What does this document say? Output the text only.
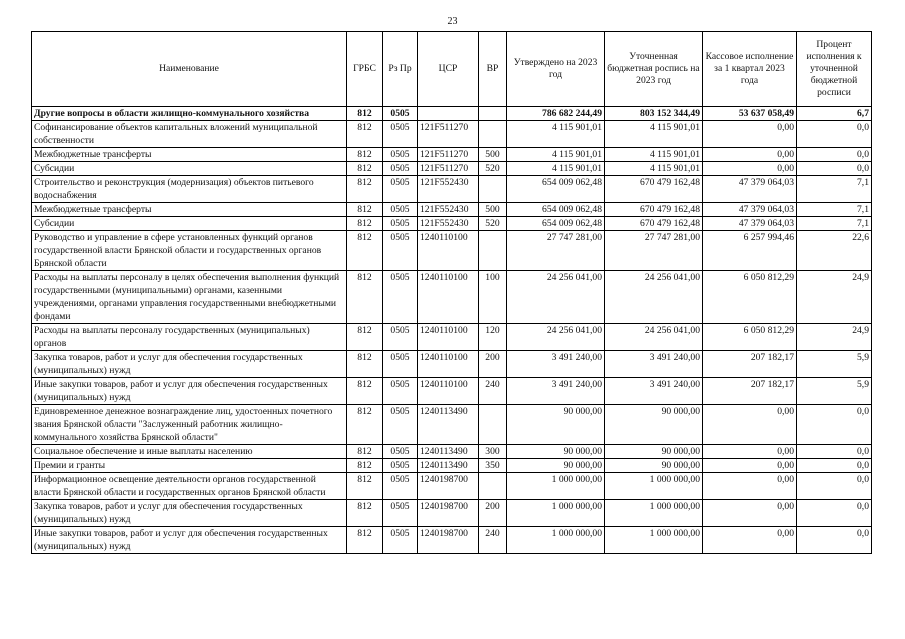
23
Наименование	ГРБС	Рз Пр	ЦСР	ВР	Утверждено на 2023 год	Уточненная бюджетная роспись на 2023 год	Кассовое исполнение за 1 квартал 2023 года	Процент исполнения к уточненной бюджетной росписи
Другие вопросы в области жилищно-коммунального хозяйства	812	0505			786 682 244,49	803 152 344,49	53 637 058,49	6,7
Софинансирование объектов капитальных вложений муниципальной собственности	812	0505	121F511270		4 115 901,01	4 115 901,01	0,00	0,0
Межбюджетные трансферты	812	0505	121F511270	500	4 115 901,01	4 115 901,01	0,00	0,0
Субсидии	812	0505	121F511270	520	4 115 901,01	4 115 901,01	0,00	0,0
Строительство и реконструкция (модернизация) объектов питьевого водоснабжения	812	0505	121F552430		654 009 062,48	670 479 162,48	47 379 064,03	7,1
Межбюджетные трансферты	812	0505	121F552430	500	654 009 062,48	670 479 162,48	47 379 064,03	7,1
Субсидии	812	0505	121F552430	520	654 009 062,48	670 479 162,48	47 379 064,03	7,1
Руководство и управление в сфере установленных функций органов государственной власти Брянской области и государственных органов Брянской области	812	0505	1240110100		27 747 281,00	27 747 281,00	6 257 994,46	22,6
Расходы на выплаты персоналу в целях обеспечения выполнения функций государственными (муниципальными) органами, казенными учреждениями, органами управления государственными внебюджетными фондами	812	0505	1240110100	100	24 256 041,00	24 256 041,00	6 050 812,29	24,9
Расходы на выплаты персоналу государственных (муниципальных) органов	812	0505	1240110100	120	24 256 041,00	24 256 041,00	6 050 812,29	24,9
Закупка товаров, работ и услуг для обеспечения государственных (муниципальных) нужд	812	0505	1240110100	200	3 491 240,00	3 491 240,00	207 182,17	5,9
Иные закупки товаров, работ и услуг для обеспечения государственных (муниципальных) нужд	812	0505	1240110100	240	3 491 240,00	3 491 240,00	207 182,17	5,9
Единовременное денежное вознаграждение лиц, удостоенных почетного звания Брянской области "Заслуженный работник жилищно-коммунального хозяйства Брянской области"	812	0505	1240113490		90 000,00	90 000,00	0,00	0,0
Социальное обеспечение и иные выплаты населению	812	0505	1240113490	300	90 000,00	90 000,00	0,00	0,0
Премии и гранты	812	0505	1240113490	350	90 000,00	90 000,00	0,00	0,0
Информационное освещение деятельности органов государственной власти Брянской области и государственных органов Брянской области	812	0505	1240198700		1 000 000,00	1 000 000,00	0,00	0,0
Закупка товаров, работ и услуг для обеспечения государственных (муниципальных) нужд	812	0505	1240198700	200	1 000 000,00	1 000 000,00	0,00	0,0
Иные закупки товаров, работ и услуг для обеспечения государственных (муниципальных) нужд	812	0505	1240198700	240	1 000 000,00	1 000 000,00	0,00	0,0
